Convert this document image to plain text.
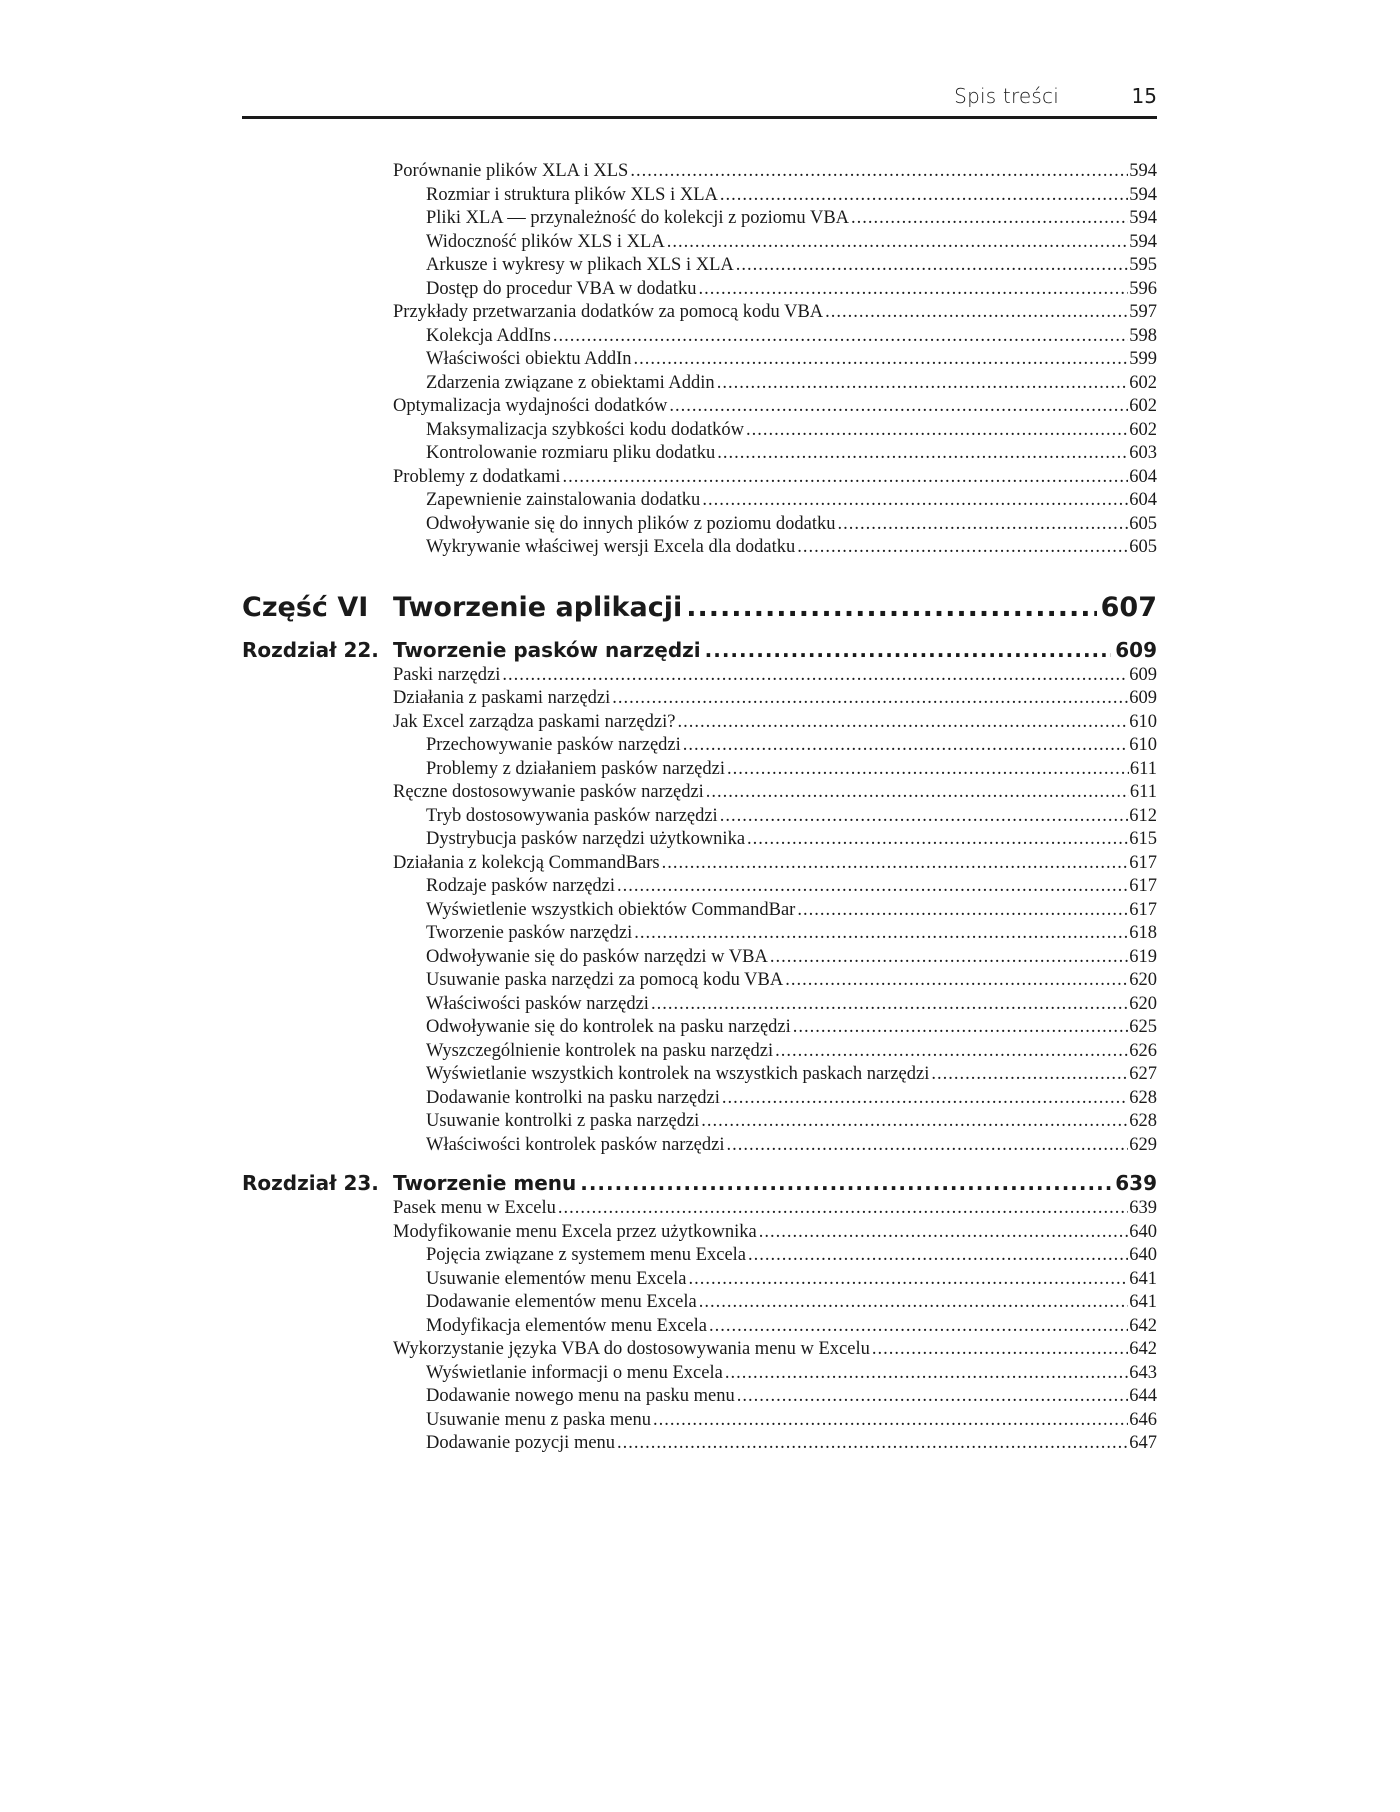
Spis treści	15
Porównanie plików XLA i XLS .....	594
Rozmiar i struktura plików XLS i XLA .....	594
Pliki XLA — przynależność do kolekcji z poziomu VBA .....	594
Widoczność plików XLS i XLA .....	594
Arkusze i wykresy w plikach XLS i XLA .....	595
Dostęp do procedur VBA w dodatku .....	596
Przykłady przetwarzania dodatków za pomocą kodu VBA .....	597
Kolekcja AddIns .....	598
Właściwości obiektu AddIn .....	599
Zdarzenia związane z obiektami Addin .....	602
Optymalizacja wydajności dodatków .....	602
Maksymalizacja szybkości kodu dodatków .....	602
Kontrolowanie rozmiaru pliku dodatku .....	603
Problemy z dodatkami .....	604
Zapewnienie zainstalowania dodatku .....	604
Odwoływanie się do innych plików z poziomu dodatku .....	605
Wykrywanie właściwej wersji Excela dla dodatku .....	605
Część VI Tworzenie aplikacji .....	607
Rozdział 22. Tworzenie pasków narzędzi .....	609
Paski narzędzi .....	609
Działania z paskami narzędzi .....	609
Jak Excel zarządza paskami narzędzi? .....	610
Przechowywanie pasków narzędzi .....	610
Problemy z działaniem pasków narzędzi .....	611
Ręczne dostosowywanie pasków narzędzi .....	611
Tryb dostosowywania pasków narzędzi .....	612
Dystrybucja pasków narzędzi użytkownika .....	615
Działania z kolekcją CommandBars .....	617
Rodzaje pasków narzędzi .....	617
Wyświetlenie wszystkich obiektów CommandBar .....	617
Tworzenie pasków narzędzi .....	618
Odwoływanie się do pasków narzędzi w VBA .....	619
Usuwanie paska narzędzi za pomocą kodu VBA .....	620
Właściwości pasków narzędzi .....	620
Odwoływanie się do kontrolek na pasku narzędzi .....	625
Wyszczególnienie kontrolek na pasku narzędzi .....	626
Wyświetlanie wszystkich kontrolek na wszystkich paskach narzędzi .....	627
Dodawanie kontrolki na pasku narzędzi .....	628
Usuwanie kontrolki z paska narzędzi .....	628
Właściwości kontrolek pasków narzędzi .....	629
Rozdział 23. Tworzenie menu .....	639
Pasek menu w Excelu .....	639
Modyfikowanie menu Excela przez użytkownika .....	640
Pojęcia związane z systemem menu Excela .....	640
Usuwanie elementów menu Excela .....	641
Dodawanie elementów menu Excela .....	641
Modyfikacja elementów menu Excela .....	642
Wykorzystanie języka VBA do dostosowywania menu w Excelu .....	642
Wyświetlanie informacji o menu Excela .....	643
Dodawanie nowego menu na pasku menu .....	644
Usuwanie menu z paska menu .....	646
Dodawanie pozycji menu .....	647
